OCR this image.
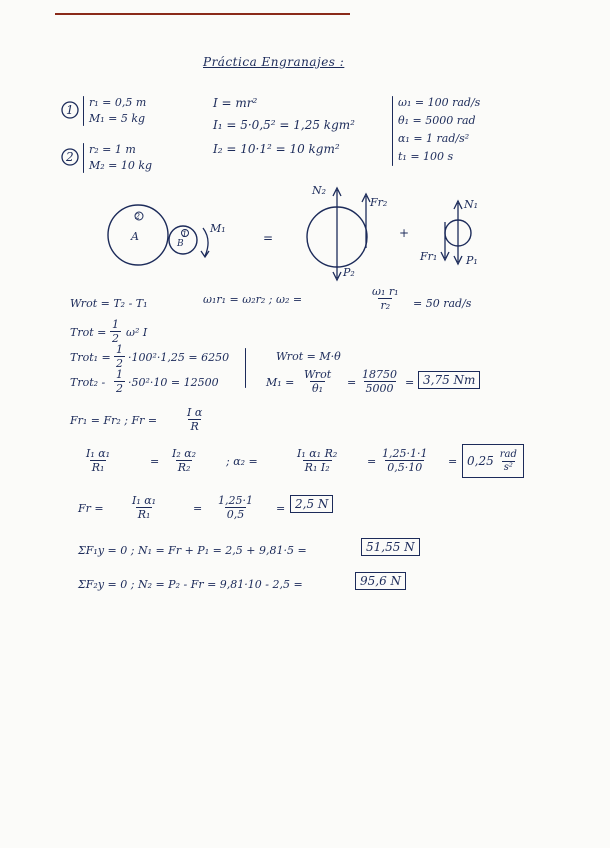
Práctica Engranajes :
1
r₁ = 0,5 m
M₁ = 5 kg
2
r₂ = 1 m
M₂ = 10 kg
I = mr²
I₁ = 5·0,5² = 1,25 kgm²
I₂ = 10·1² = 10 kgm²
ω₁ = 100 rad/s
θ₁ = 5000 rad
α₁ = 1 rad/s²
t₁ = 100 s
A
2
B
1 M₁
=	+
N₂
Fr₂
P₂
N₁
Fr₁	P₁
Wrot = T₂ - T₁	ω₁r₁ = ω₂r₂ ; ω₂ =	$\frac{\text{ω₁ r₁}}{\text{r₂}} = 50$ rad/s
Trot = $\frac{1}{2} \omega^2$ I
Trot₁ = $\frac{1}{2} \cdot 100^2\cdot 1,25 = 6250$
Trot₂ - $\frac{1}{2} \cdot 50^2\cdot 10 = 12500$
Wrot = M·θ
M₁ =
Wrot
$\theta_1 = \frac{18750}{5000} = 3,75$ Nm
Fr₁ = Fr₂ ; Fr =	$\frac{\text{I α}}{R}$
$\frac{\text{I₁ α₁}}{\text{R₁}}$	= $\frac{\text{I₂ α₂}}{\text{R₂}}$	; α₂ =	$\frac{\text{I₁ α₁ R₂}}{\text{R₁ I₂}}$	= $\frac{1,25\cdot 1\cdot 1}{0,5\cdot 10} = 0,25 \frac{\text{rad}}{\text{s²}}$
$Fr = \frac{\text{I₁ α₁}}{\text{R₁}}$	= $\frac{1,25\cdot 1}{0,5} = 2,5$ N
ΣF₁y = 0 ; N₁ = Fr + P₁ = 2,5 + 9,81·5 =	51,55 N
ΣF₂y = 0 ; N₂ = P₂ - Fr = 9,81·10 - 2,5 =	95,6 N
